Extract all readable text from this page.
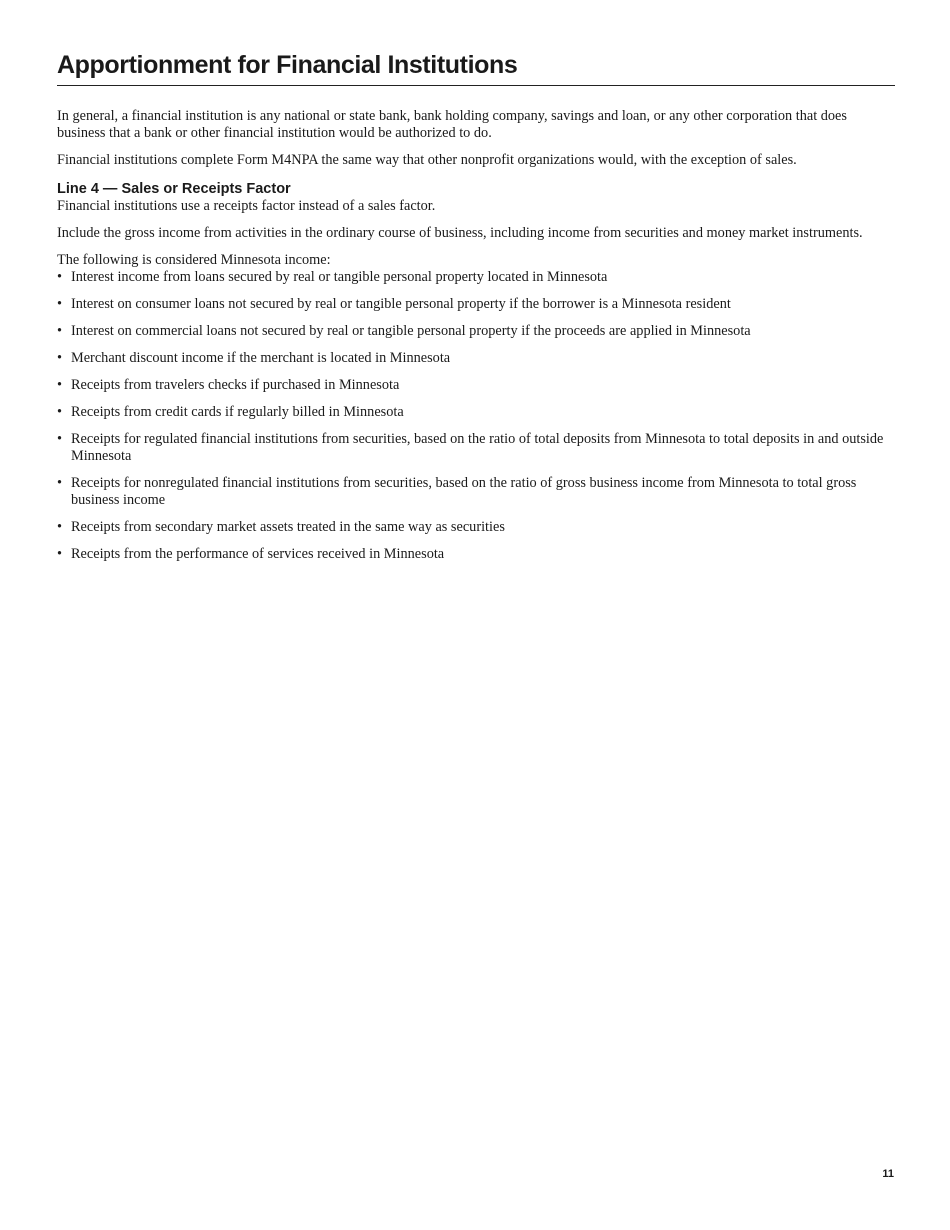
Apportionment for Financial Institutions

In general, a financial institution is any national or state bank, bank holding company, savings and loan, or any other corporation that does business that a bank or other financial institution would be authorized to do.

Financial institutions complete Form M4NPA the same way that other nonprofit organizations would, with the exception of sales.

Line 4 — Sales or Receipts Factor

Financial institutions use a receipts factor instead of a sales factor.

Include the gross income from activities in the ordinary course of business, including income from securities and money market instruments.

The following is considered Minnesota income:

• Interest income from loans secured by real or tangible personal property located in Minnesota
• Interest on consumer loans not secured by real or tangible personal property if the borrower is a Minnesota resident
• Interest on commercial loans not secured by real or tangible personal property if the proceeds are applied in Minnesota
• Merchant discount income if the merchant is located in Minnesota
• Receipts from travelers checks if purchased in Minnesota
• Receipts from credit cards if regularly billed in Minnesota
• Receipts for regulated financial institutions from securities, based on the ratio of total deposits from Minnesota to total deposits in and outside Minnesota
• Receipts for nonregulated financial institutions from securities, based on the ratio of gross business income from Minnesota to total gross business income
• Receipts from secondary market assets treated in the same way as securities
• Receipts from the performance of services received in Minnesota
11
